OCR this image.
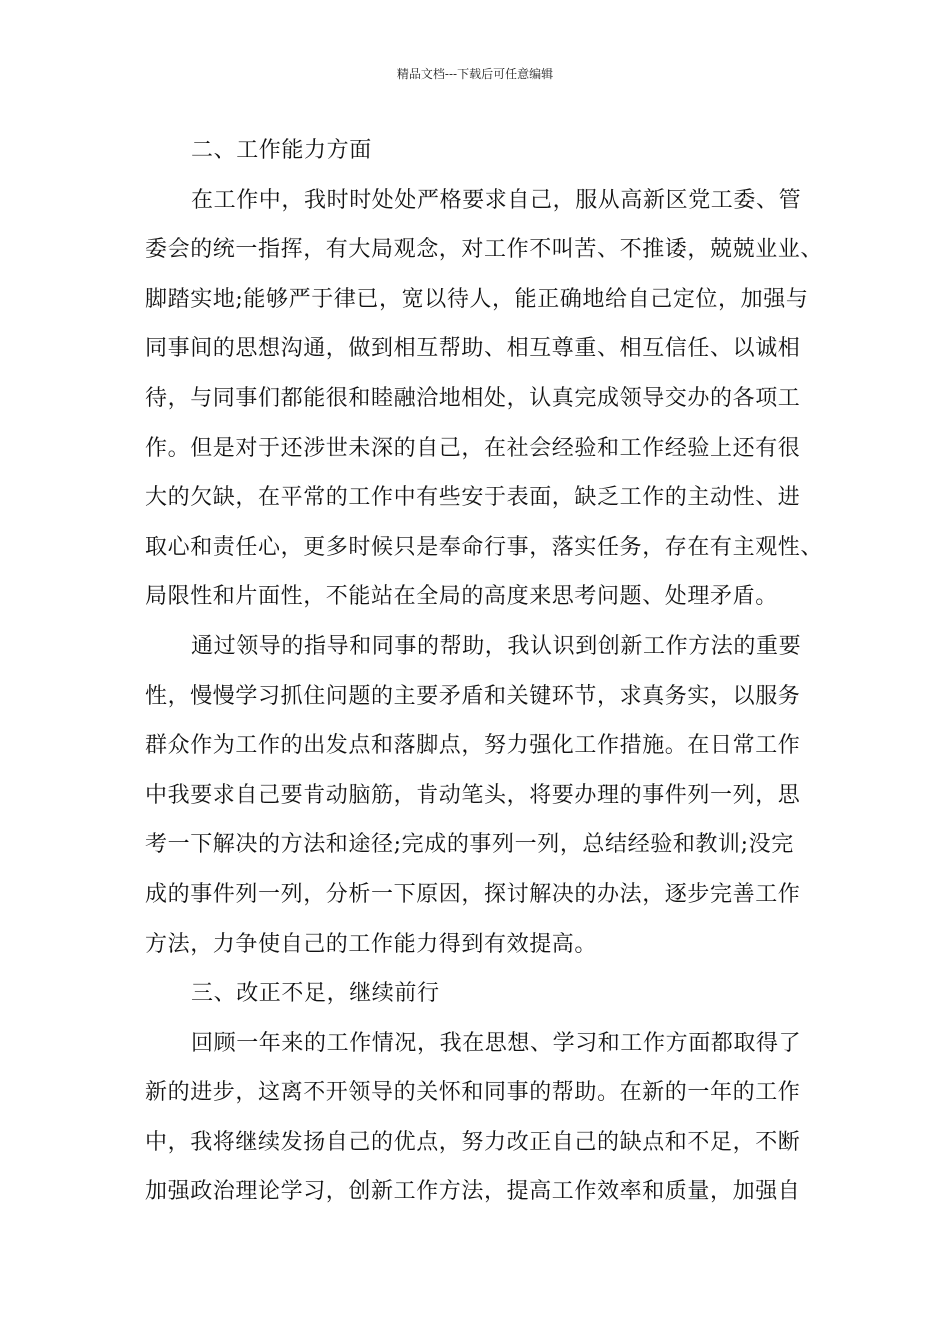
精品文档---下载后可任意编辑
二、工作能力方面
在工作中，我时时处处严格要求自己，服从高新区党工委、管
委会的统一指挥，有大局观念，对工作不叫苦、不推诿，兢兢业业、
脚踏实地;能够严于律已，宽以待人，能正确地给自己定位，加强与
同事间的思想沟通，做到相互帮助、相互尊重、相互信任、以诚相
待，与同事们都能很和睦融洽地相处，认真完成领导交办的各项工
作。但是对于还涉世未深的自己，在社会经验和工作经验上还有很
大的欠缺，在平常的工作中有些安于表面，缺乏工作的主动性、进
取心和责任心，更多时候只是奉命行事，落实任务，存在有主观性、
局限性和片面性，不能站在全局的高度来思考问题、处理矛盾。
通过领导的指导和同事的帮助，我认识到创新工作方法的重要
性，慢慢学习抓住问题的主要矛盾和关键环节，求真务实，以服务
群众作为工作的出发点和落脚点，努力强化工作措施。在日常工作
中我要求自己要肯动脑筋，肯动笔头，将要办理的事件列一列，思
考一下解决的方法和途径;完成的事列一列，总结经验和教训;没完
成的事件列一列，分析一下原因，探讨解决的办法，逐步完善工作
方法，力争使自己的工作能力得到有效提高。
三、改正不足，继续前行
回顾一年来的工作情况，我在思想、学习和工作方面都取得了
新的进步，这离不开领导的关怀和同事的帮助。在新的一年的工作
中，我将继续发扬自己的优点，努力改正自己的缺点和不足，不断
加强政治理论学习，创新工作方法，提高工作效率和质量，加强自
